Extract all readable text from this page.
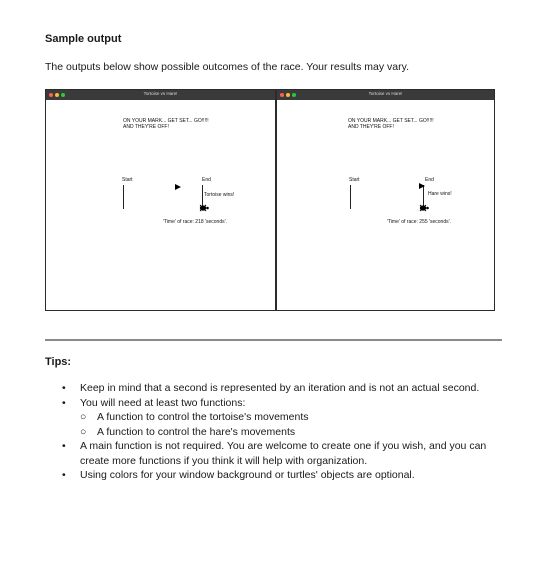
Sample output
The outputs below show possible outcomes of the race. Your results may vary.
Tortoise vs Hare!
ON YOUR MARK... GET SET... GO!!!!!
AND THEY'RE OFF!
Start	End
Tortoise wins!
'Time' of race: 218 'seconds'.
Tortoise vs Hare!
ON YOUR MARK... GET SET... GO!!!!!
AND THEY'RE OFF!
Start	End
Hare wins!
'Time' of race: 255 'seconds'.
Tips:
• Keep in mind that a second is represented by an iteration and is not an actual second.
• You will need at least two functions:
○ A function to control the tortoise's movements
○ A function to control the hare's movements
• A main function is not required. You are welcome to create one if you wish, and you can create more functions if you think it will help with organization.
• Using colors for your window background or turtles' objects are optional.
